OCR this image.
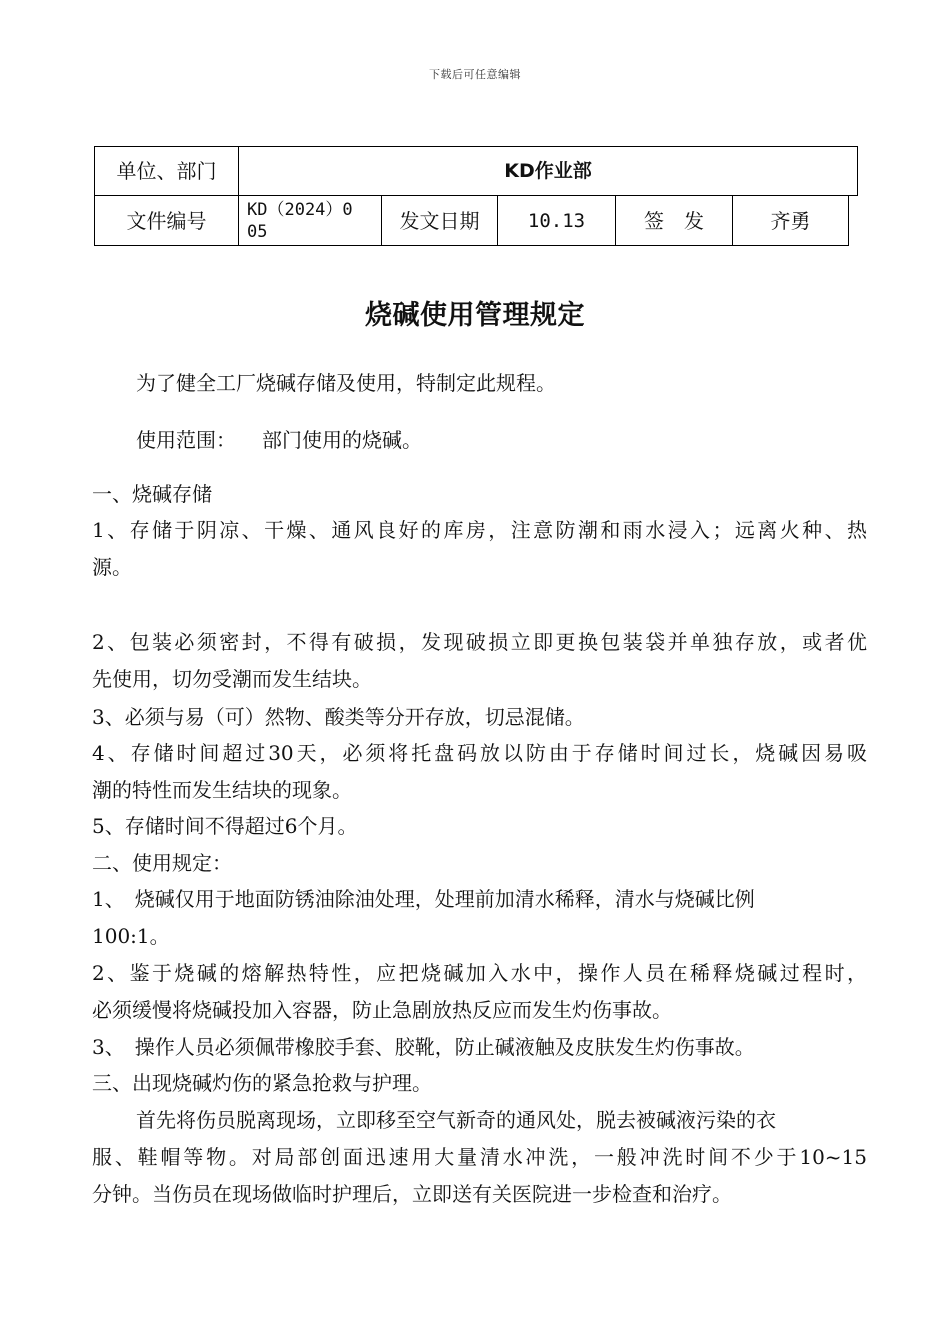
下载后可任意编辑
单位、部门	KD作业部
文件编号	KD（2024）0
05	发文日期	10.13	签　发	齐勇
烧碱使用管理规定
为了健全工厂烧碱存储及使用，特制定此规程。
使用范围： 部门使用的烧碱。
一、烧碱存储
1、存储于阴凉、干燥、通风良好的库房，注意防潮和雨水浸入；远离火种、热
源。
2、包装必须密封，不得有破损，发现破损立即更换包装袋并单独存放，或者优
先使用，切勿受潮而发生结块。
3、必须与易（可）然物、酸类等分开存放，切忌混储。
4、存储时间超过30天，必须将托盘码放以防由于存储时间过长，烧碱因易吸
潮的特性而发生结块的现象。
5、存储时间不得超过6个月。
二、使用规定：
1、　烧碱仅用于地面防锈油除油处理，处理前加清水稀释，清水与烧碱比例
100:1。
2、鉴于烧碱的熔解热特性，应把烧碱加入水中，操作人员在稀释烧碱过程时，
必须缓慢将烧碱投加入容器，防止急剧放热反应而发生灼伤事故。
3、　操作人员必须佩带橡胶手套、胶靴，防止碱液触及皮肤发生灼伤事故。
三、出现烧碱灼伤的紧急抢救与护理。
首先将伤员脱离现场，立即移至空气新奇的通风处，脱去被碱液污染的衣
服、鞋帽等物。对局部创面迅速用大量清水冲洗，一般冲洗时间不少于10~15
分钟。当伤员在现场做临时护理后，立即送有关医院进一步检查和治疗。
